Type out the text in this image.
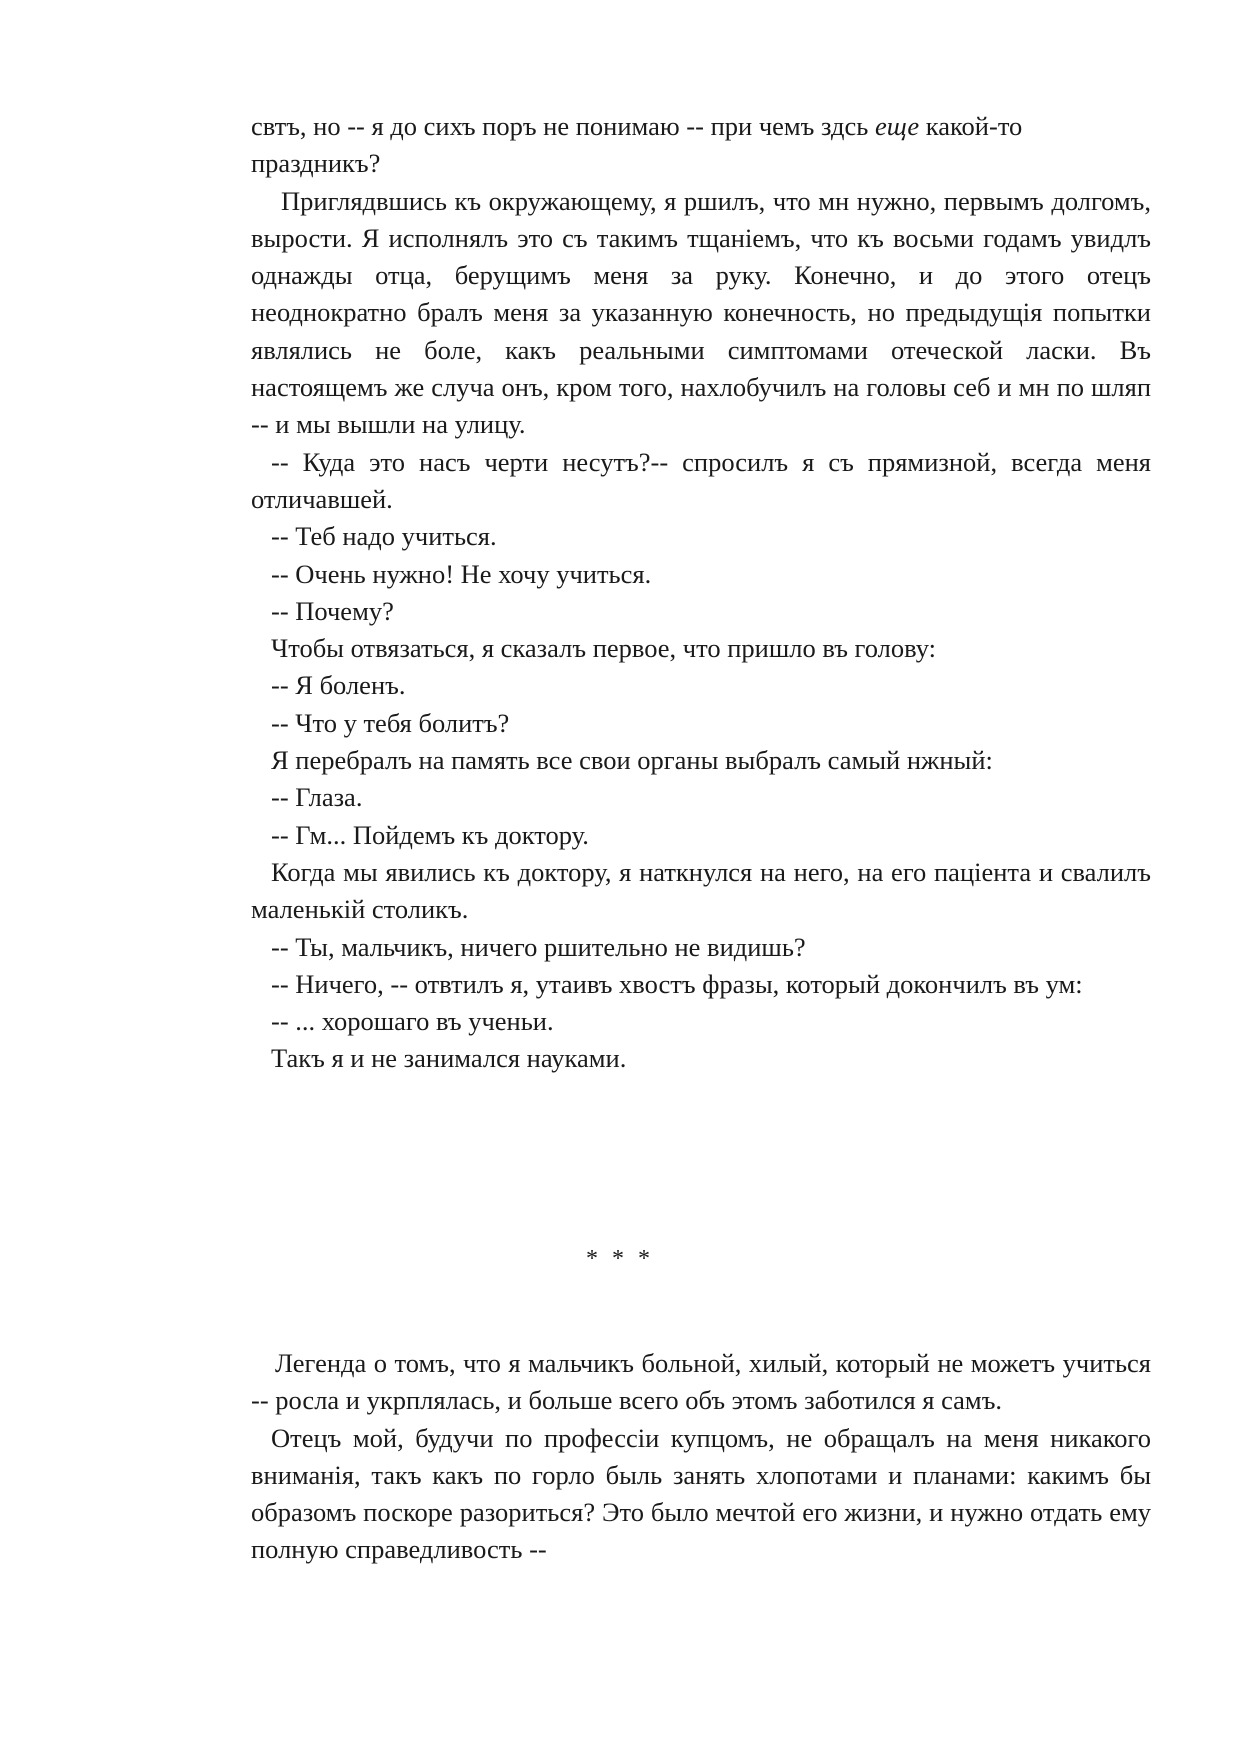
свтъ, но -- я до сихъ поръ не понимаю -- при чемъ здсь еще какой-то праздникъ?

Приглядвшись къ окружающему, я ршилъ, что мн нужно, первымъ долгомъ, вырости. Я исполнялъ это съ такимъ тщаніемъ, что къ восьми годамъ увидлъ однажды отца, берущимъ меня за руку. Конечно, и до этого отецъ неоднократно бралъ меня за указанную конечность, но предыдущія попытки являлись не боле, какъ реальными симптомами отеческой ласки. Въ настоящемъ же случа онъ, кром того, нахлобучилъ на головы себ и мн по шляп -- и мы вышли на улицу.

-- Куда это насъ черти несутъ?-- спросилъ я съ прямизной, всегда меня отличавшей.

-- Теб надо учиться.

-- Очень нужно! Не хочу учиться.

-- Почему?

Чтобы отвязаться, я сказалъ первое, что пришло въ голову:

-- Я боленъ.

-- Что у тебя болитъ?

Я перебралъ на память все свои органы выбралъ самый нжный:

-- Глаза.

-- Гм... Пойдемъ къ доктору.

Когда мы явились къ доктору, я наткнулся на него, на его паціента и свалилъ маленькій столикъ.

-- Ты, мальчикъ, ничего ршительно не видишь?

-- Ничего, -- отвтилъ я, утаивъ хвостъ фразы, который докончилъ въ ум:

-- ... хорошаго въ ученьи.

Такъ я и не занимался науками.

* * *

Легенда о томъ, что я мальчикъ больной, хилый, который не можетъ учиться -- росла и укрплялась, и больше всего объ этомъ заботился я самъ.

Отецъ мой, будучи по профессіи купцомъ, не обращалъ на меня никакого вниманія, такъ какъ по горло быль занять хлопотами и планами: какимъ бы образомъ поскоре разориться? Это было мечтой его жизни, и нужно отдать ему полную справедливость --
